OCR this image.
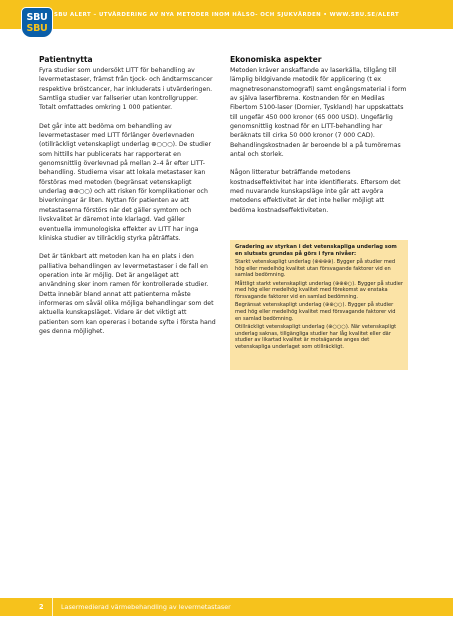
SBU ALERT – UTVÄRDERING AV NYA METODER INOM HÄLSO- OCH SJUKVÅRDEN • WWW.SBU.SE/ALERT
SBU
SBU
Patientnytta

Fyra studier som undersökt LITT för behandling av levermetastaser, främst från tjock- och ändtarmscancer respektive bröstcancer, har inkluderats i utvärderingen. Samtliga studier var fallserier utan kontrollgrupper. Totalt omfattades omkring 1 000 patienter.

Det går inte att bedöma om behandling av levermetastaser med LITT förlänger överlevnaden (otillräckligt vetenskapligt underlag ⊕○○○). De studier som hittills har publicerats har rapporterat en genomsnittlig överlevnad på mellan 2–4 år efter LITT-behandling. Studierna visar att lokala metastaser kan förstöras med metoden (begränsat vetenskapligt underlag ⊕⊕○○) och att risken för komplikationer och biverkningar är liten. Nyttan för patienten av att metastaserna förstörs när det gäller symtom och livskvalitet är däremot inte klarlagd. Vad gäller eventuella immunologiska effekter av LITT har inga kliniska studier av tillräcklig styrka påträffats.

Det är tänkbart att metoden kan ha en plats i den palliativa behandlingen av levermetastaser i de fall en operation inte är möjlig. Det är angeläget att användning sker inom ramen för kontrollerade studier. Detta innebär bland annat att patienterna måste informeras om såväl olika möjliga behandlingar som det aktuella kunskapsläget. Vidare är det viktigt att patienten som kan opereras i botande syfte i första hand ges denna möjlighet.

Ekonomiska aspekter

Metoden kräver anskaffande av laserkälla, tillgång till lämplig bildgivande metodik för applicering (t ex magnetresonanstomografi) samt engångsmaterial i form av själva laserfibrerna. Kostnanden för en Medilas Fibertom 5100-laser (Dornier, Tyskland) har uppskattats till ungefär 450 000 kronor (65 000 USD). Ungefärlig genomsnittlig kostnad för en LITT-behandling har beräknats till cirka 50 000 kronor (7 000 CAD). Behandlingskostnaden är beroende bl a på tumörernas antal och storlek.

Någon litteratur beträffande metodens kostnadseffektivitet har inte identifierats. Eftersom det med nuvarande kunskapsläge inte går att avgöra metodens effektivitet är det inte heller möjligt att bedöma kostnadseffektiviteten.

Gradering av styrkan i det vetenskapliga underlag som en slutsats grundas på görs i fyra nivåer:
Starkt vetenskapligt underlag (⊕⊕⊕⊕). Bygger på studier med hög eller medelhög kvalitet utan försvagande faktorer vid en samlad bedömning.
Måttligt starkt vetenskapligt underlag (⊕⊕⊕○). Bygger på studier med hög eller medelhög kvalitet med förekomst av enstaka försvagande faktorer vid en samlad bedömning.
Begränsat vetenskapligt underlag (⊕⊕○○). Bygger på studier med hög eller medelhög kvalitet med försvagande faktorer vid en samlad bedömning.
Otillräckligt vetenskapligt underlag (⊕○○○). När vetenskapligt underlag saknas, tillgängliga studier har låg kvalitet eller där studier av likartad kvalitet är motsägande anges det vetenskapliga underlaget som otillräckligt.
2	Lasermedierad värmebehandling av levermetastaser
